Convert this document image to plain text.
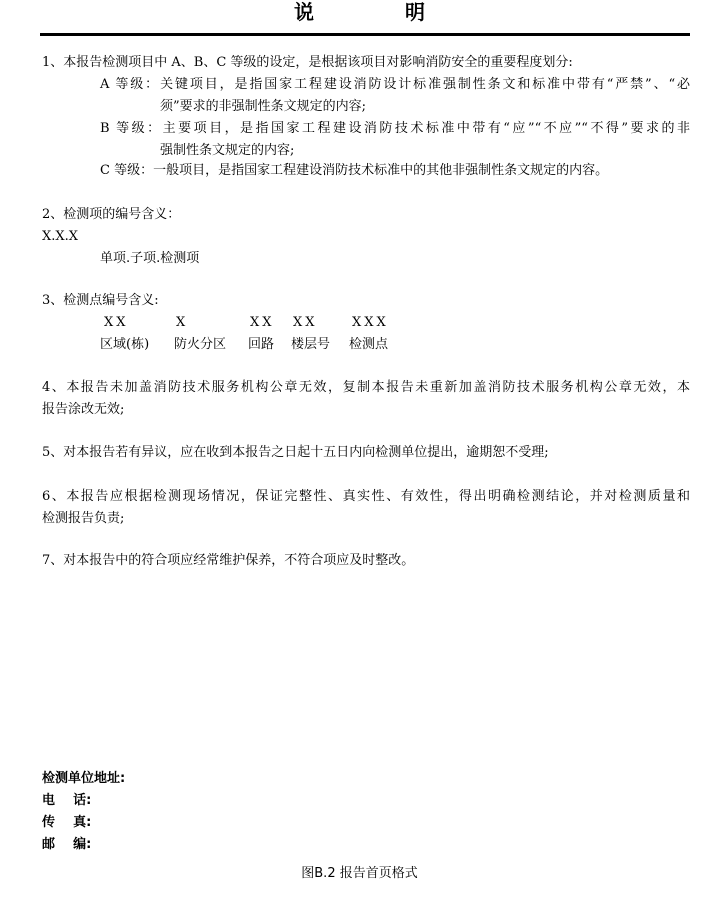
说 明
1、本报告检测项目中 A、B、C 等级的设定，是根据该项目对影响消防安全的重要程度划分:
A 等级：关键项目，是指国家工程建设消防设计标准强制性条文和标准中带有“严禁”、“必
须”要求的非强制性条文规定的内容;
B 等级：主要项目，是指国家工程建设消防技术标准中带有“应”“不应”“不得”要求的非
强制性条文规定的内容;
C 等级：一般项目，是指国家工程建设消防技术标准中的其他非强制性条文规定的内容。
2、检测项的编号含义：
X.X.X
单项.子项.检测项
3、检测点编号含义:
XX	X	XX XX	XXX
区域(栋) 防火分区 回路 楼层号 检测点
4、本报告未加盖消防技术服务机构公章无效，复制本报告未重新加盖消防技术服务机构公章无效，本
报告涂改无效;
5、对本报告若有异议，应在收到本报告之日起十五日内向检测单位提出，逾期恕不受理;
6、本报告应根据检测现场情况，保证完整性、真实性、有效性，得出明确检测结论，并对检测质量和
检测报告负责;
7、对本报告中的符合项应经常维护保养，不符合项应及时整改。
检测单位地址:
电    话:
传    真:
邮    编:
图B.2 报告首页格式
